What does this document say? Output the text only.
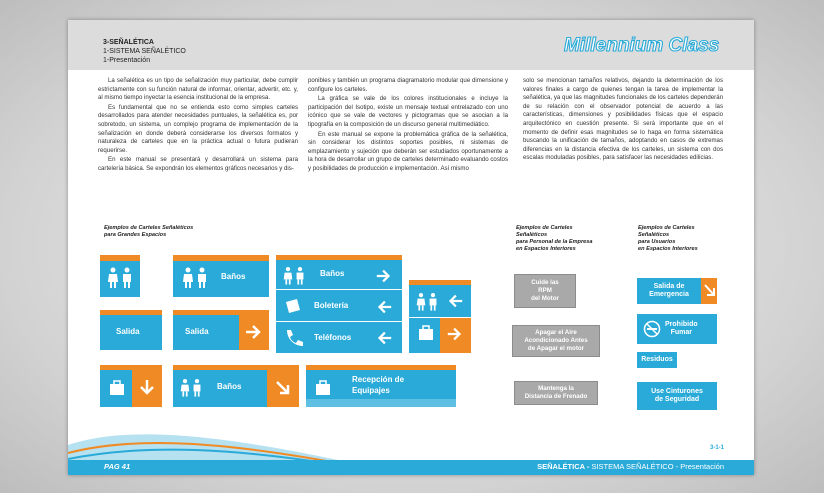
3-SEÑALÉTICA
1-SISTEMA SEÑALÉTICO
1-Presentación
Millennium Class

La señalética es un tipo de señalización muy particular, debe cumplir estrictamente con su función natural de informar, orientar, advertir, etc. y, al mismo tiempo inyectar la esencia institucional de la empresa.

Es fundamental que no se entienda esto como simples carteles desarrollados para atender necesidades puntuales, la señalética es, por sobretodo, un sistema, un complejo programa de implementación de la señalización en donde deberá considerarse los diversos formatos y naturaleza de carteles que en la práctica actual o futura pudieran requerirse.

En este manual se presentará y desarrollará un sistema para cartelería básica. Se expondrán los elementos gráficos necesarios y dis-

ponibles y también un programa diagramatorio modular que dimensione y configure los carteles.

La gráfica se vale de los colores institucionales e incluye la participación del Isotipo, existe un mensaje textual entrelazado con uno icónico que se vale de vectores y pictogramas que se asocian a la tipografía en la composición de un discurso general multimediático.

En este manual se expone la problemática gráfica de la señalética, sin considerar los distintos soportes posibles, ni sistemas de emplazamiento y sujeción que deberán ser estudiados oportunamente a la hora de desarrollar un grupo de carteles determinado evaluando costos y posibilidades de producción e implementación. Así mismo

solo se mencionan tamaños relativos, dejando la determinación de los valores finales a cargo de quienes tengan la tarea de implementar la señalética, ya que las magnitudes funcionales de los carteles dependerán de su relación con el observador potencial de acuerdo a las características, dimensiones y posibilidades físicas que el espacio arquitectónico en cuestión presente. Si será importante que en el momento de definir esas magnitudes se lo haga en forma sistemática buscando la unificación de tamaños, adoptando en casos de extremas diferencias en la distancia efectiva de los carteles, un sistema con dos escalas moduladas posibles, para satisfacer las necesidades edilicias.

Ejemplos de Carteles Señaléticos
para Grandes Espacios
Ejemplos de Carteles
Señaléticos
para Personal de la Empresa
en Espacios Interiores
Ejemplos de Carteles
Señaléticos
para Usuarios
en Espacios Interiores
Baños
Salida	Salida
Baños
Boletería
Teléfonos
Baños
Recepción de
Equipajes
Cuide las
RPM
del Motor
Apagar el Aire
Acondicionado Antes
de Apagar el motor
Mantenga la
Distancia de Frenado
Salida de
Emergencia
Prohibido
Fumar
Residuos
Use Cinturones
de Seguridad
3-1-1
PAG 41	SEÑALÉTICA - SISTEMA SEÑALÉTICO - Presentación
